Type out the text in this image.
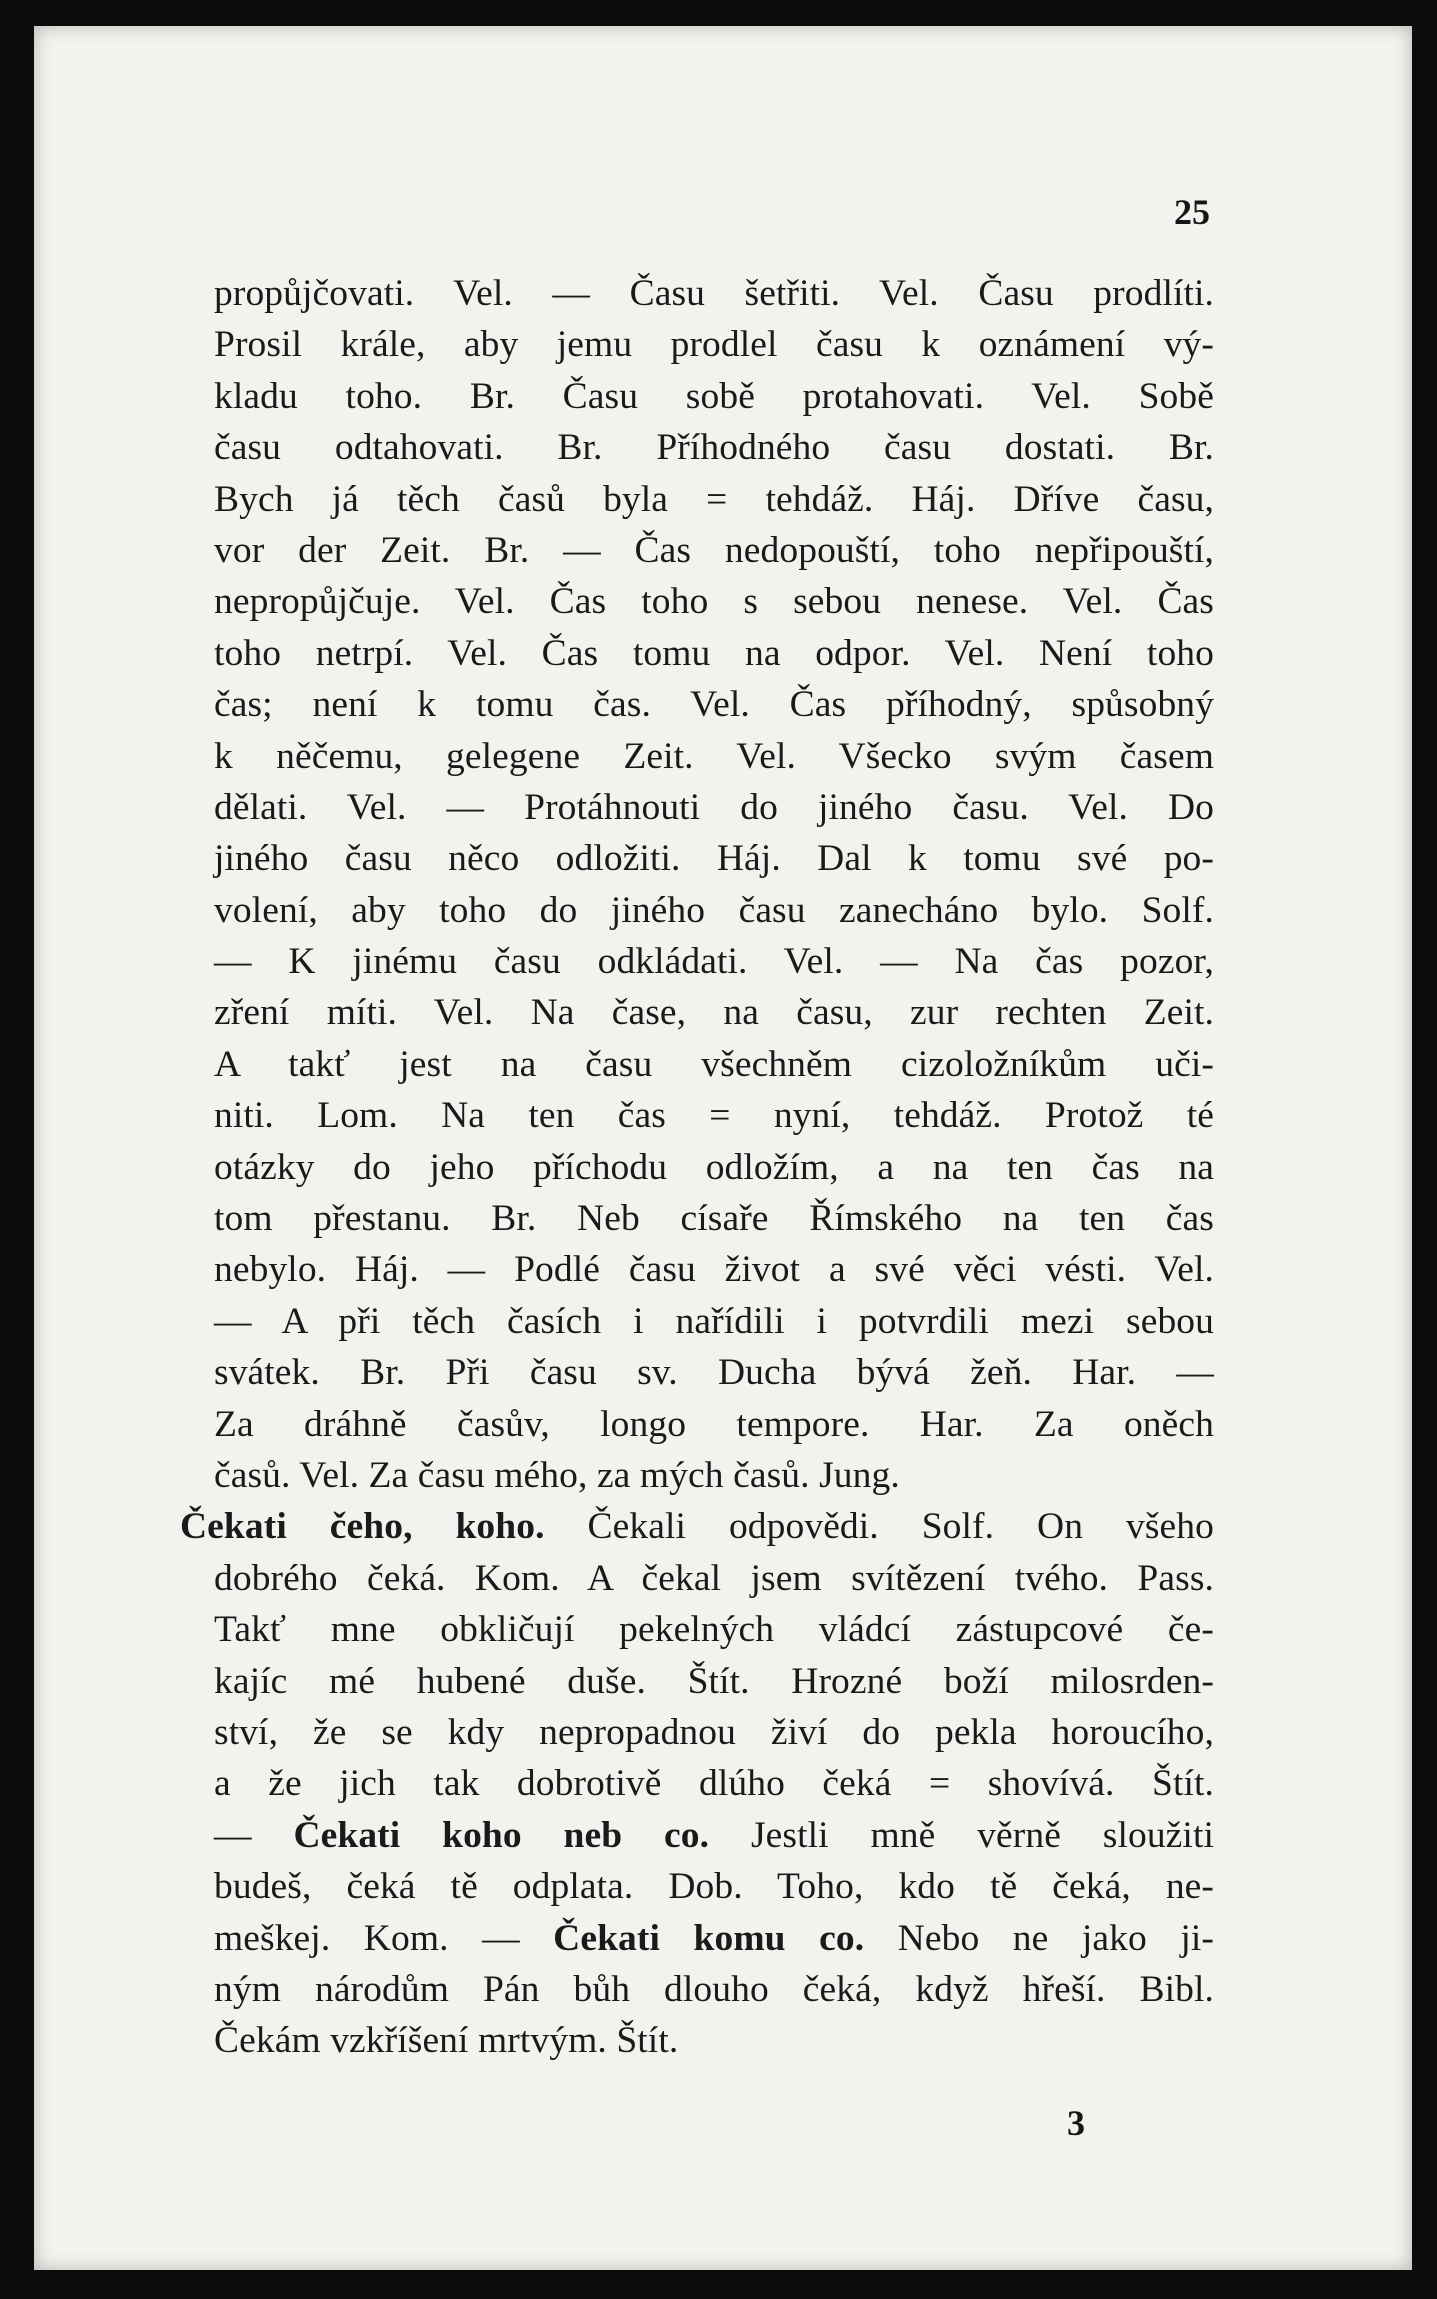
25
propůjčovati. Vel. — Času šetřiti. Vel. Času prodlíti.
Prosil krále, aby jemu prodlel času k oznámení vý-
kladu toho. Br. Času sobě protahovati. Vel. Sobě
času odtahovati. Br. Příhodného času dostati. Br.
Bych já těch časů byla = tehdáž. Háj. Dříve času,
vor der Zeit. Br. — Čas nedopouští, toho nepřipouští,
nepropůjčuje. Vel. Čas toho s sebou nenese. Vel. Čas
toho netrpí. Vel. Čas tomu na odpor. Vel. Není toho
čas; není k tomu čas. Vel. Čas příhodný, spůsobný
k něčemu, gelegene Zeit. Vel. Všecko svým časem
dělati. Vel. — Protáhnouti do jiného času. Vel. Do
jiného času něco odložiti. Háj. Dal k tomu své po-
volení, aby toho do jiného času zanecháno bylo. Solf.
— K jinému času odkládati. Vel. — Na čas pozor,
zření míti. Vel. Na čase, na času, zur rechten Zeit.
A takť jest na času všechněm cizoložníkům uči-
niti. Lom. Na ten čas = nyní, tehdáž. Protož té
otázky do jeho příchodu odložím, a na ten čas na
tom přestanu. Br. Neb císaře Římského na ten čas
nebylo. Háj. — Podlé času život a své věci vésti. Vel.
— A při těch časích i nařídili i potvrdili mezi sebou
svátek. Br. Při času sv. Ducha bývá žeň. Har. —
Za dráhně časův, longo tempore. Har. Za oněch
časů. Vel. Za času mého, za mých časů. Jung.
Čekati čeho, koho. Čekali odpovědi. Solf. On všeho
dobrého čeká. Kom. A čekal jsem svítězení tvého. Pass.
Takť mne obkličují pekelných vládcí zástupcové če-
kajíc mé hubené duše. Štít. Hrozné boží milosrden-
ství, že se kdy nepropadnou živí do pekla horoucího,
a že jich tak dobrotivě dlúho čeká = shovívá. Štít.
— Čekati koho neb co. Jestli mně věrně sloužiti
budeš, čeká tě odplata. Dob. Toho, kdo tě čeká, ne-
meškej. Kom. — Čekati komu co. Nebo ne jako ji-
ným národům Pán bůh dlouho čeká, když hřeší. Bibl.
Čekám vzkříšení mrtvým. Štít.
3
